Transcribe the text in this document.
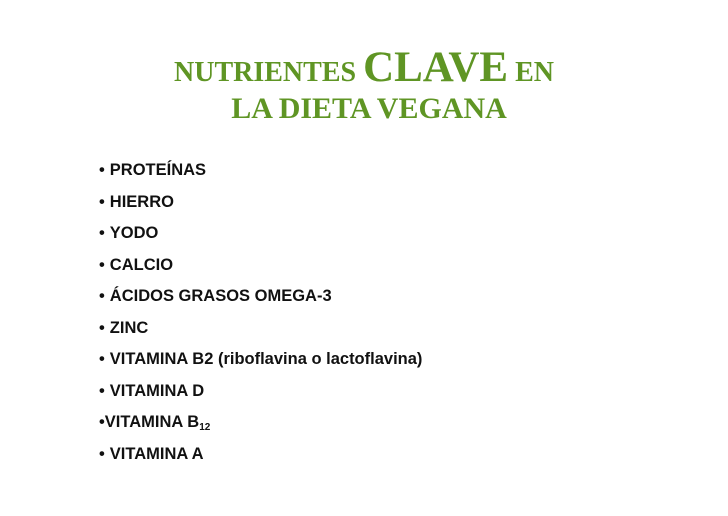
NUTRIENTES CLAVE EN
LA DIETA VEGANA
• PROTEÍNAS
• HIERRO
• YODO
• CALCIO
• ÁCIDOS GRASOS OMEGA-3
• ZINC
• VITAMINA B2 (riboflavina o lactoflavina)
• VITAMINA D
•VITAMINA $B_{12}$
• VITAMINA A
